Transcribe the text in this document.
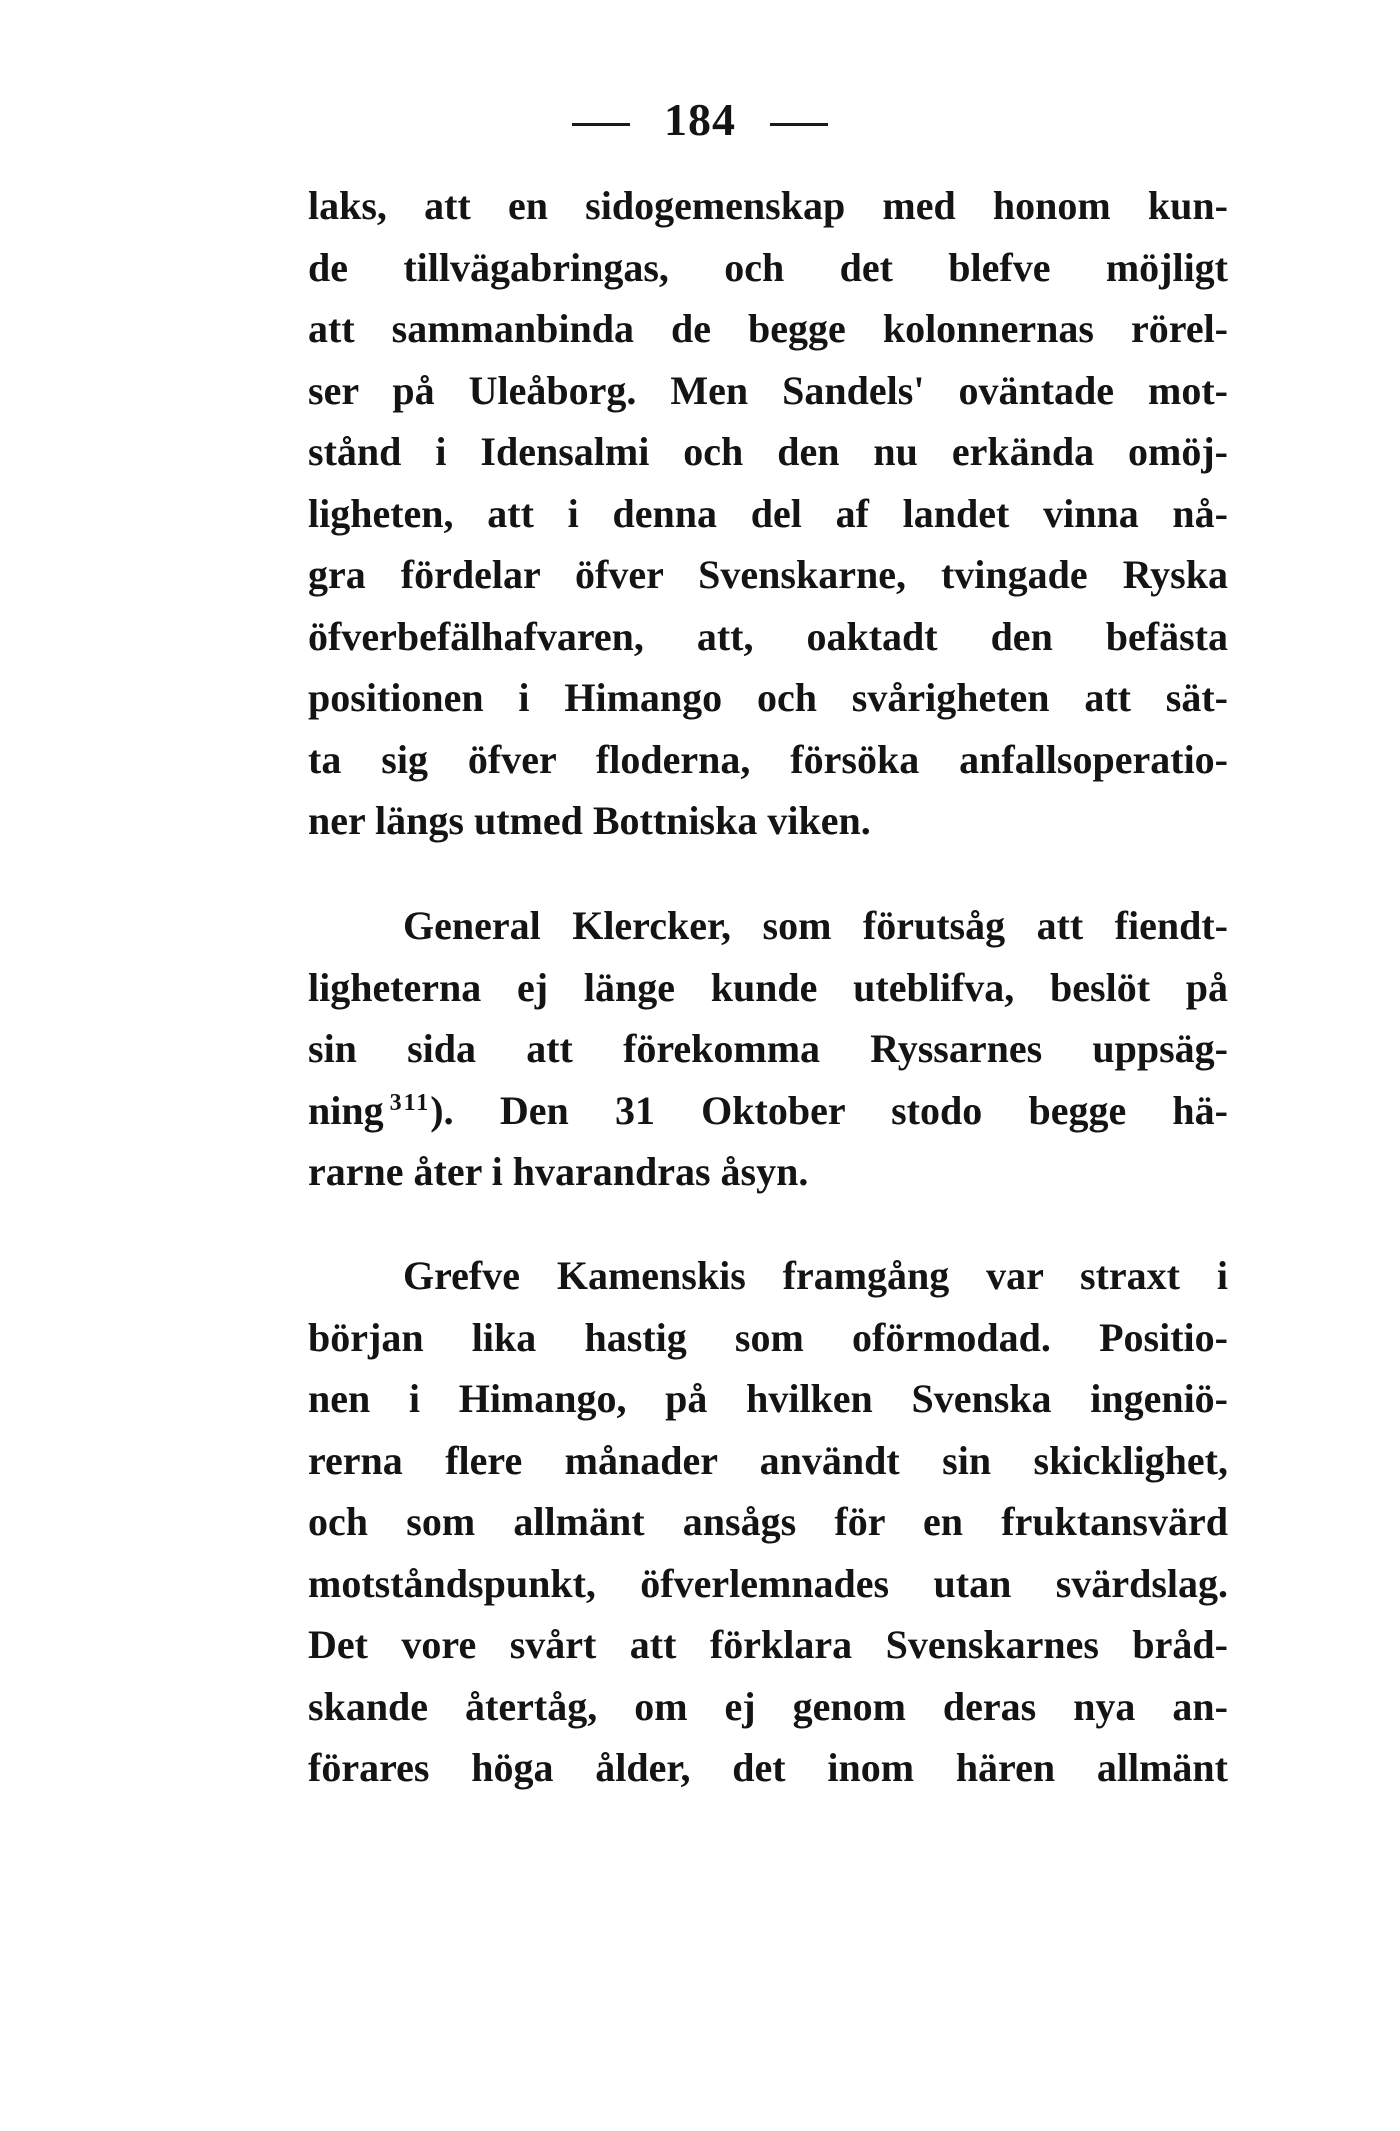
184
laks, att en sidogemenskap med honom kun-
de tillvägabringas, och det blefve möjligt
att sammanbinda de begge kolonnernas rörel-
ser på Uleåborg. Men Sandels' oväntade mot-
stånd i Idensalmi och den nu erkända omöj-
ligheten, att i denna del af landet vinna nå-
gra fördelar öfver Svenskarne, tvingade Ryska
öfverbefälhafvaren, att, oaktadt den befästa
positionen i Himango och svårigheten att sät-
ta sig öfver floderna, försöka anfallsoperatio-
ner längs utmed Bottniska viken.
General Klercker, som förutsåg att fiendt-
ligheterna ej länge kunde uteblifva, beslöt på
sin sida att förekomma Ryssarnes uppsäg-
ning $^{311}$). Den 31 Oktober stodo begge hä-
rarne åter i hvarandras åsyn.
Grefve Kamenskis framgång var straxt i
början lika hastig som oförmodad. Positio-
nen i Himango, på hvilken Svenska ingeniö-
rerna flere månader användt sin skicklighet,
och som allmänt ansågs för en fruktansvärd
motståndspunkt, öfverlemnades utan svärdslag.
Det vore svårt att förklara Svenskarnes bråd-
skande återtåg, om ej genom deras nya an-
förares höga ålder, det inom hären allmänt
